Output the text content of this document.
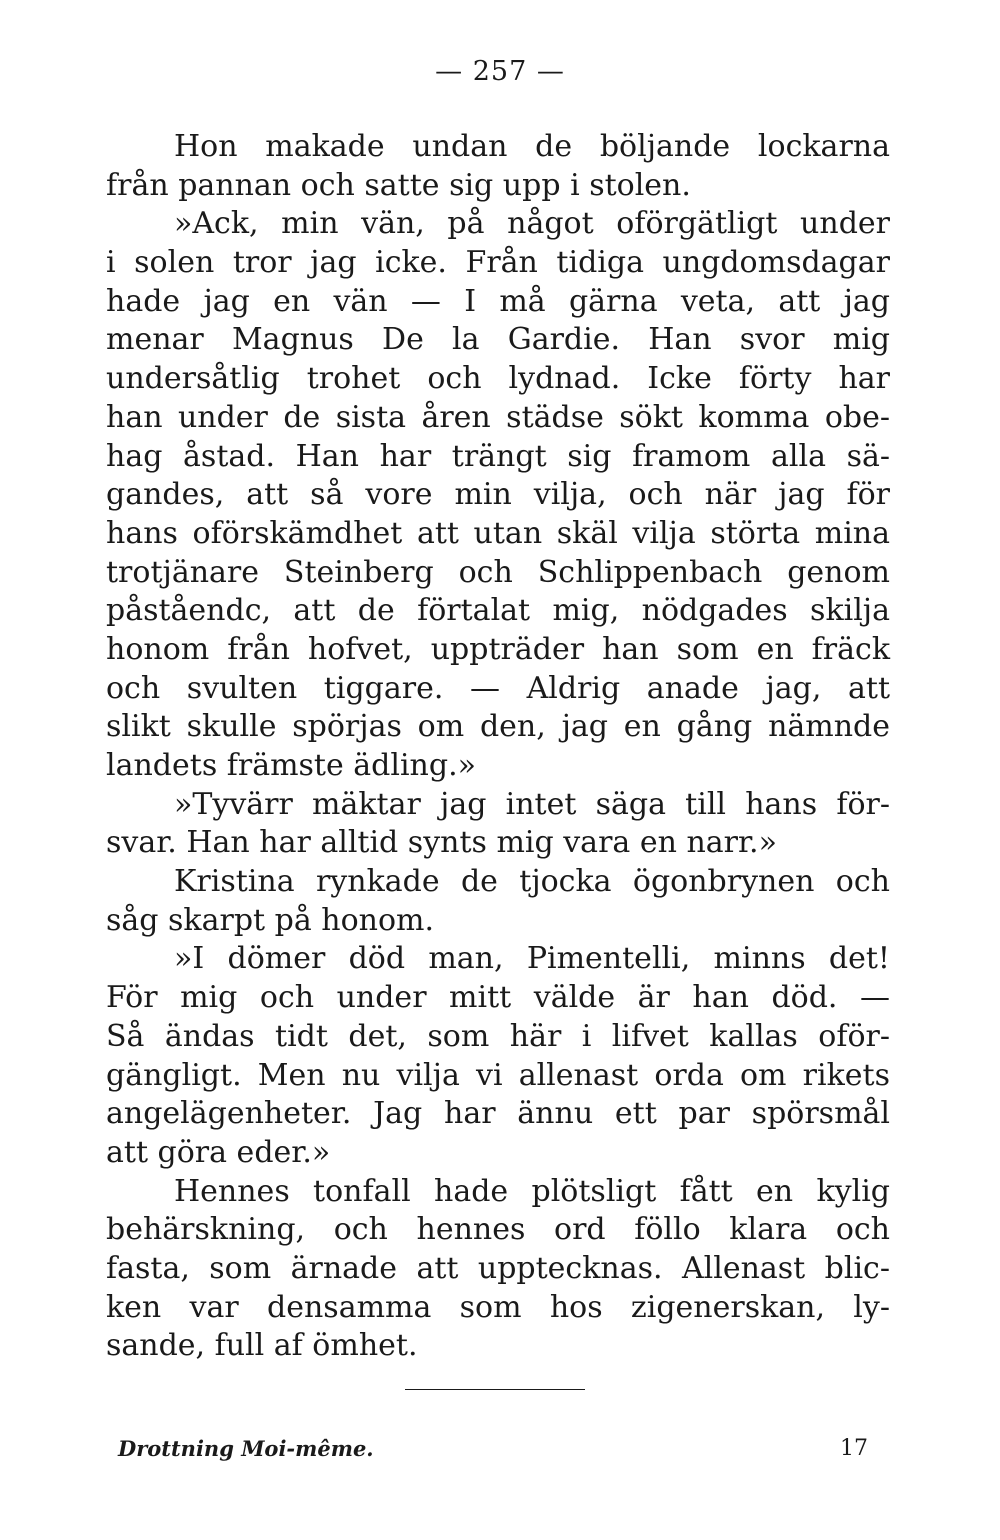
— 257 —
Hon makade undan de böljande lockarna
från pannan och satte sig upp i stolen.
»Ack, min vän, på något oförgätligt under
i solen tror jag icke. Från tidiga ungdomsdagar
hade jag en vän — I må gärna veta, att jag
menar Magnus De la Gardie. Han svor mig
undersåtlig trohet och lydnad. Icke förty har
han under de sista åren städse sökt komma obe-
hag åstad. Han har trängt sig framom alla sä-
gandes, att så vore min vilja, och när jag för
hans oförskämdhet att utan skäl vilja störta mina
trotjänare Steinberg och Schlippenbach genom
påståendc, att de förtalat mig, nödgades skilja
honom från hofvet, uppträder han som en fräck
och svulten tiggare. — Aldrig anade jag, att
slikt skulle spörjas om den, jag en gång nämnde
landets främste ädling.»
»Tyvärr mäktar jag intet säga till hans för-
svar. Han har alltid synts mig vara en narr.»
Kristina rynkade de tjocka ögonbrynen och
såg skarpt på honom.
»I dömer död man, Pimentelli, minns det!
För mig och under mitt välde är han död. —
Så ändas tidt det, som här i lifvet kallas oför-
gängligt. Men nu vilja vi allenast orda om rikets
angelägenheter. Jag har ännu ett par spörsmål
att göra eder.»
Hennes tonfall hade plötsligt fått en kylig
behärskning, och hennes ord föllo klara och
fasta, som ärnade att upptecknas. Allenast blic-
ken var densamma som hos zigenerskan, ly-
sande, full af ömhet.
Drottning Moi-même.	17
